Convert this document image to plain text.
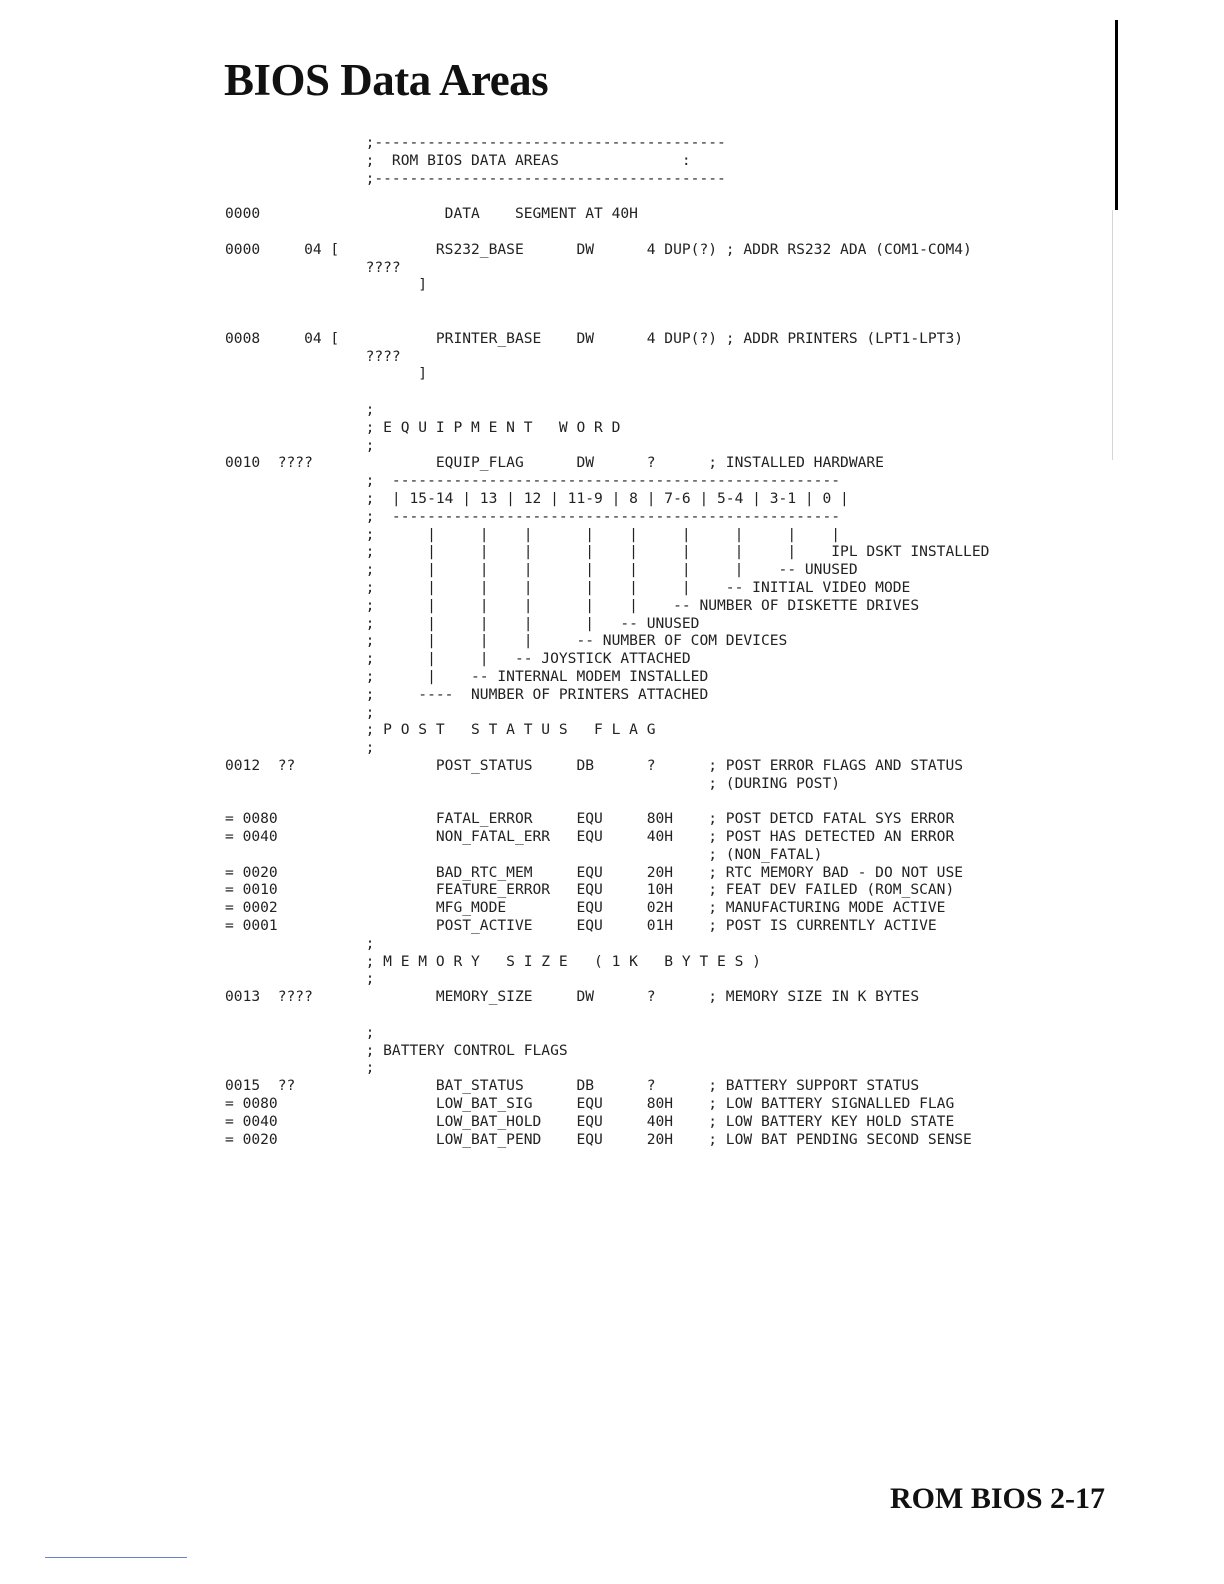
BIOS Data Areas
;----------------------------------------
;  ROM BIOS DATA AREAS              :
;----------------------------------------
0000                     DATA    SEGMENT AT 40H
0000     04 [           RS232_BASE      DW      4 DUP(?) ; ADDR RS232 ADA (COM1-COM4)
????
]
0008     04 [           PRINTER_BASE    DW      4 DUP(?) ; ADDR PRINTERS (LPT1-LPT3)
????
]
;
; E Q U I P M E N T   W O R D
;
0010  ????              EQUIP_FLAG      DW      ?      ; INSTALLED HARDWARE
;  ---------------------------------------------------
;  | 15-14 | 13 | 12 | 11-9 | 8 | 7-6 | 5-4 | 3-1 | 0 |
;  ---------------------------------------------------
;      |     |    |      |    |     |     |     |    |
;      |     |    |      |    |     |     |     |    IPL DSKT INSTALLED
;      |     |    |      |    |     |     |    -- UNUSED
;      |     |    |      |    |     |    -- INITIAL VIDEO MODE
;      |     |    |      |    |    -- NUMBER OF DISKETTE DRIVES
;      |     |    |      |   -- UNUSED
;      |     |    |     -- NUMBER OF COM DEVICES
;      |     |   -- JOYSTICK ATTACHED
;      |    -- INTERNAL MODEM INSTALLED
;     ----  NUMBER OF PRINTERS ATTACHED
;
; P O S T   S T A T U S   F L A G
;
0012  ??                POST_STATUS     DB      ?      ; POST ERROR FLAGS AND STATUS
; (DURING POST)
= 0080                  FATAL_ERROR     EQU     80H    ; POST DETCD FATAL SYS ERROR
= 0040                  NON_FATAL_ERR   EQU     40H    ; POST HAS DETECTED AN ERROR
; (NON_FATAL)
= 0020                  BAD_RTC_MEM     EQU     20H    ; RTC MEMORY BAD - DO NOT USE
= 0010                  FEATURE_ERROR   EQU     10H    ; FEAT DEV FAILED (ROM_SCAN)
= 0002                  MFG_MODE        EQU     02H    ; MANUFACTURING MODE ACTIVE
= 0001                  POST_ACTIVE     EQU     01H    ; POST IS CURRENTLY ACTIVE
;
; M E M O R Y   S I Z E   ( 1 K   B Y T E S )
;
0013  ????              MEMORY_SIZE     DW      ?      ; MEMORY SIZE IN K BYTES
;
; BATTERY CONTROL FLAGS
;
0015  ??                BAT_STATUS      DB      ?      ; BATTERY SUPPORT STATUS
= 0080                  LOW_BAT_SIG     EQU     80H    ; LOW BATTERY SIGNALLED FLAG
= 0040                  LOW_BAT_HOLD    EQU     40H    ; LOW BATTERY KEY HOLD STATE
= 0020                  LOW_BAT_PEND    EQU     20H    ; LOW BAT PENDING SECOND SENSE
ROM BIOS 2-17
